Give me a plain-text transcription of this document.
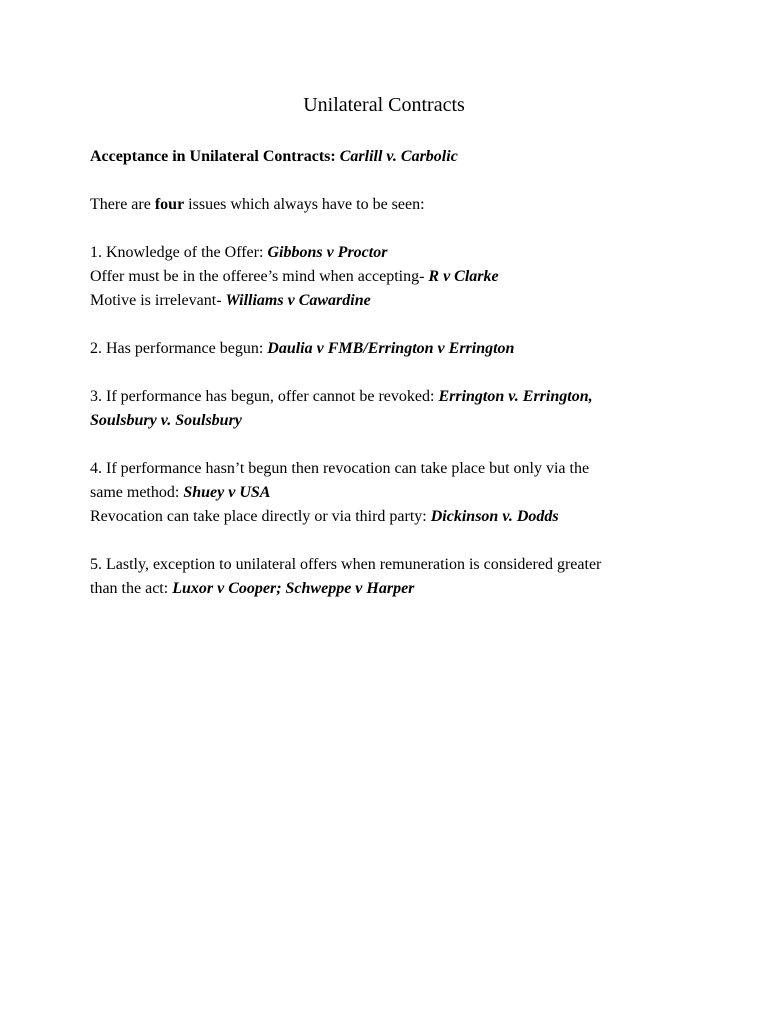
Unilateral Contracts

Acceptance in Unilateral Contracts: Carlill v. Carbolic

There are four issues which always have to be seen:

1. Knowledge of the Offer: Gibbons v Proctor

Offer must be in the offeree’s mind when accepting- R v Clarke

Motive is irrelevant- Williams v Cawardine

2. Has performance begun: Daulia v FMB/Errington v Errington

3. If performance has begun, offer cannot be revoked: Errington v. Errington,

Soulsbury v. Soulsbury

4. If performance hasn’t begun then revocation can take place but only via the

same method: Shuey v USA

Revocation can take place directly or via third party: Dickinson v. Dodds

5. Lastly, exception to unilateral offers when remuneration is considered greater

than the act: Luxor v Cooper; Schweppe v Harper
